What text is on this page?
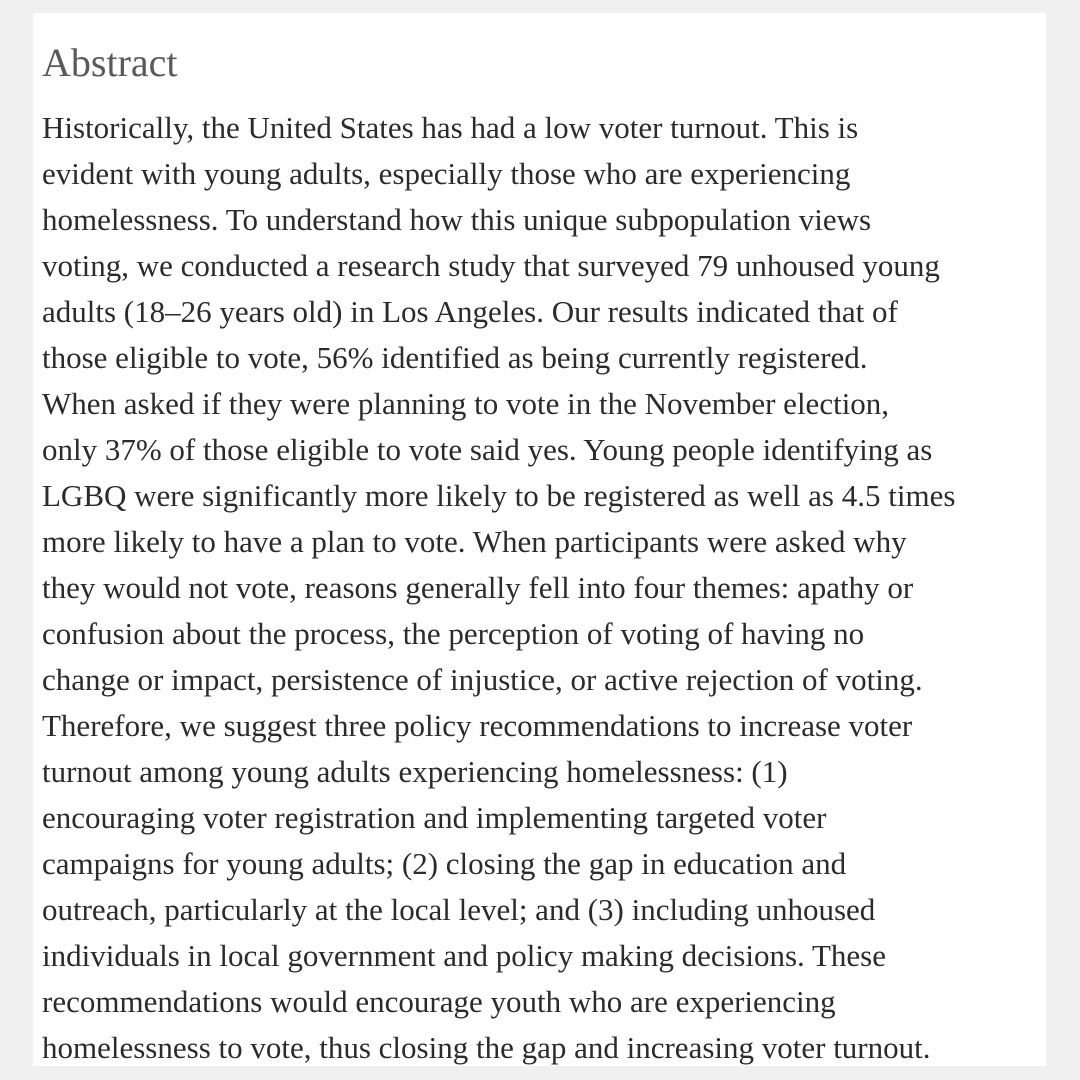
Abstract

Historically, the United States has had a low voter turnout. This is
evident with young adults, especially those who are experiencing
homelessness. To understand how this unique subpopulation views
voting, we conducted a research study that surveyed 79 unhoused young
adults (18–26 years old) in Los Angeles. Our results indicated that of
those eligible to vote, 56% identified as being currently registered.
When asked if they were planning to vote in the November election,
only 37% of those eligible to vote said yes. Young people identifying as
LGBQ were significantly more likely to be registered as well as 4.5 times
more likely to have a plan to vote. When participants were asked why
they would not vote, reasons generally fell into four themes: apathy or
confusion about the process, the perception of voting of having no
change or impact, persistence of injustice, or active rejection of voting.
Therefore, we suggest three policy recommendations to increase voter
turnout among young adults experiencing homelessness: (1)
encouraging voter registration and implementing targeted voter
campaigns for young adults; (2) closing the gap in education and
outreach, particularly at the local level; and (3) including unhoused
individuals in local government and policy making decisions. These
recommendations would encourage youth who are experiencing
homelessness to vote, thus closing the gap and increasing voter turnout.
